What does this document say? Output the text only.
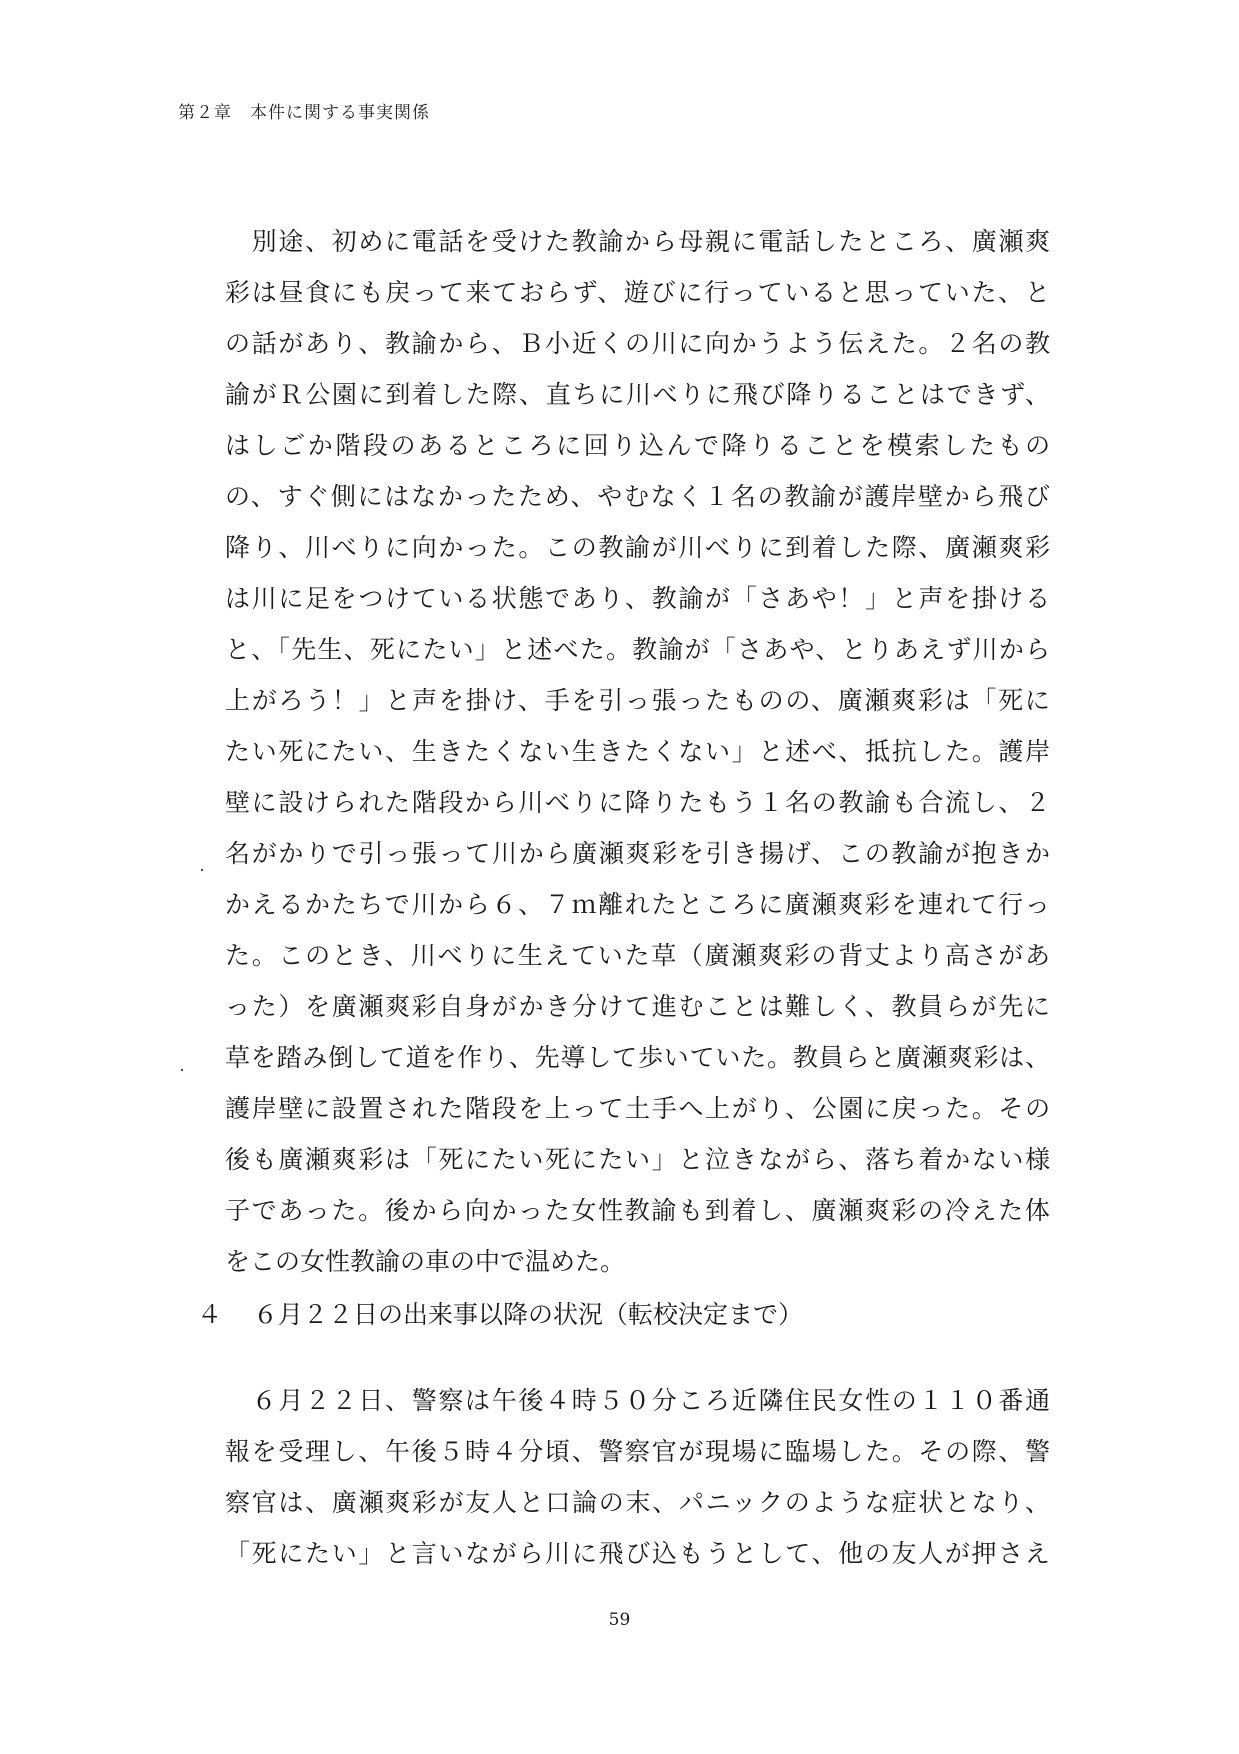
第２章　本件に関する事実関係
　別途、初めに電話を受けた教諭から母親に電話したところ、廣瀬爽
彩は昼食にも戻って来ておらず、遊びに行っていると思っていた、と
の話があり、教諭から、Ｂ小近くの川に向かうよう伝えた。２名の教
諭がＲ公園に到着した際、直ちに川べりに飛び降りることはできず、
はしごか階段のあるところに回り込んで降りることを模索したもの
の、すぐ側にはなかったため、やむなく１名の教諭が護岸壁から飛び
降り、川べりに向かった。この教諭が川べりに到着した際、廣瀬爽彩
は川に足をつけている状態であり、教諭が「さあや！」と声を掛ける
と、「先生、死にたい」と述べた。教諭が「さあや、とりあえず川から
上がろう！」と声を掛け、手を引っ張ったものの、廣瀬爽彩は「死に
たい死にたい、生きたくない生きたくない」と述べ、抵抗した。護岸
壁に設けられた階段から川べりに降りたもう１名の教諭も合流し、２
名がかりで引っ張って川から廣瀬爽彩を引き揚げ、この教諭が抱きか
かえるかたちで川から６、７ｍ離れたところに廣瀬爽彩を連れて行っ
た。このとき、川べりに生えていた草（廣瀬爽彩の背丈より高さがあ
った）を廣瀬爽彩自身がかき分けて進むことは難しく、教員らが先に
草を踏み倒して道を作り、先導して歩いていた。教員らと廣瀬爽彩は、
護岸壁に設置された階段を上って土手へ上がり、公園に戻った。その
後も廣瀬爽彩は「死にたい死にたい」と泣きながら、落ち着かない様
子であった。後から向かった女性教諭も到着し、廣瀬爽彩の冷えた体
をこの女性教諭の車の中で温めた。
４ ６月２２日の出来事以降の状況（転校決定まで）
　６月２２日、警察は午後４時５０分ころ近隣住民女性の１１０番通
報を受理し、午後５時４分頃、警察官が現場に臨場した。その際、警
察官は、廣瀬爽彩が友人と口論の末、パニックのような症状となり、
「死にたい」と言いながら川に飛び込もうとして、他の友人が押さえ
59
